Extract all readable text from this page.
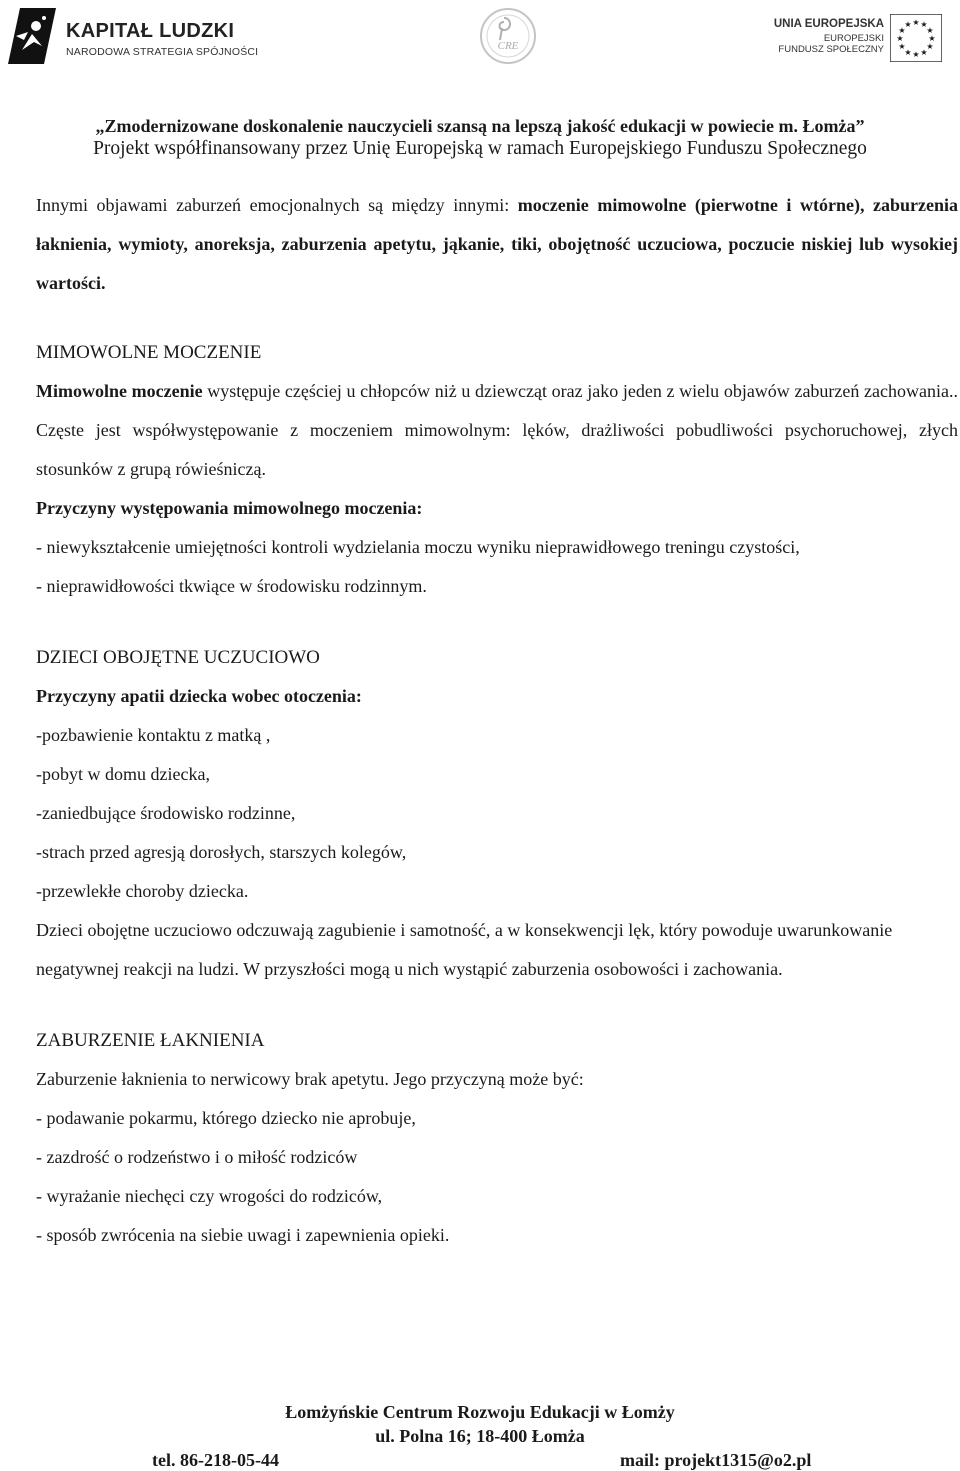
KAPITAŁ LUDZKI
NARODOWA STRATEGIA SPÓJNOŚCI	CRE
UNIA EUROPEJSKA
EUROPEJSKI
FUNDUSZ SPOŁECZNY
★ ★
★
★
★
★
★
★
★
★
★
★
„Zmodernizowane doskonalenie nauczycieli szansą na lepszą jakość edukacji w powiecie m. Łomża”
Projekt współfinansowany przez Unię Europejską w ramach Europejskiego Funduszu Społecznego

Innymi objawami zaburzeń emocjonalnych są między innymi: moczenie mimowolne (pierwotne i wtórne), zaburzenia łaknienia, wymioty, anoreksja, zaburzenia apetytu, jąkanie, tiki, obojętność uczuciowa, poczucie niskiej lub wysokiej wartości.

MIMOWOLNE MOCZENIE

Mimowolne moczenie występuje częściej u chłopców niż u dziewcząt oraz jako jeden z wielu objawów zaburzeń zachowania.. Częste jest współwystępowanie z moczeniem mimowolnym: lęków, drażliwości pobudliwości psychoruchowej, złych stosunków z grupą rówieśniczą.

Przyczyny występowania mimowolnego moczenia:

- niewykształcenie umiejętności kontroli wydzielania moczu wyniku nieprawidłowego treningu czystości,

- nieprawidłowości tkwiące w środowisku rodzinnym.

DZIECI OBOJĘTNE UCZUCIOWO
Przyczyny apatii dziecka wobec otoczenia:
-pozbawienie kontaktu z matką ,
-pobyt w domu dziecka,
-zaniedbujące środowisko rodzinne,
-strach przed agresją dorosłych, starszych kolegów,
-przewlekłe choroby dziecka.

Dzieci obojętne uczuciowo odczuwają zagubienie i samotność, a w konsekwencji lęk, który powoduje uwarunkowanie negatywnej reakcji na ludzi. W przyszłości mogą u nich wystąpić zaburzenia osobowości i zachowania.

ZABURZENIE ŁAKNIENIA
Zaburzenie łaknienia to nerwicowy brak apetytu. Jego przyczyną może być:
- podawanie pokarmu, którego dziecko nie aprobuje,
- zazdrość o rodzeństwo i o miłość rodziców
- wyrażanie niechęci czy wrogości do rodziców,
- sposób zwrócenia na siebie uwagi i zapewnienia opieki.
Łomżyńskie Centrum Rozwoju Edukacji w Łomży
ul. Polna 16; 18-400 Łomża
tel. 86-218-05-44	mail: projekt1315@o2.pl
